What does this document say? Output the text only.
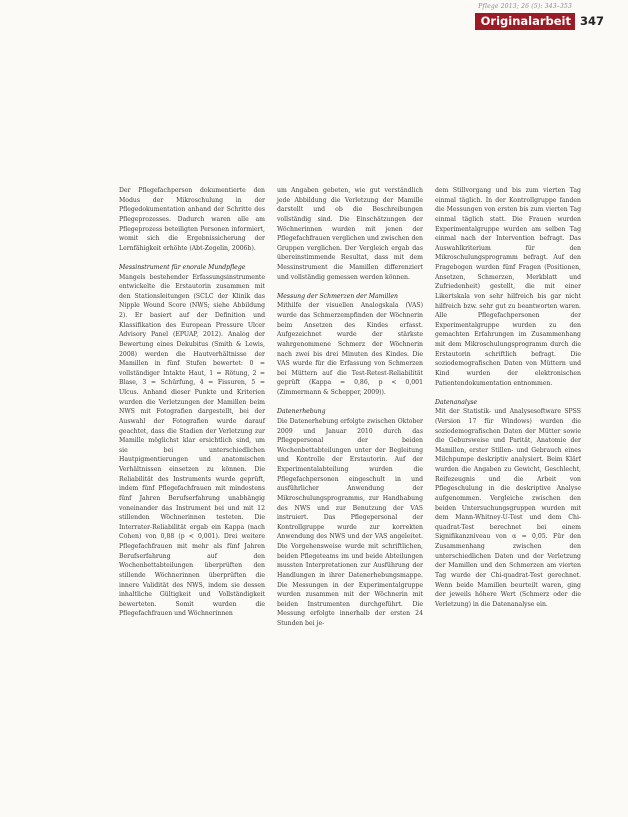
Pflege 2013; 26 (5): 343–353
Originalarbeit 347

Der Pflegefachperson dokumentierte den Modus der Mikroschulung in der Pflegedokumentation anhand der Schritte des Pflegeprozesses. Dadurch waren alle am Pflegeprozess beteiligten Personen informiert, womit sich die Ergebnissicherung der Lernfähigkeit erhöhte (Abt-Zegelin, 2006b).

Messinstrument für enorale Mundpflege

Mangels bestehender Erfassungsinstrumente entwickelte die Erstautorin zusammen mit den Stationsleitungen (SCLC der Klinik das Nipple Wound Score (NWS; siehe Abbildung 2). Er basiert auf der Definition und Klassifikation des European Pressure Ulcer Advisory Panel (EPUAP, 2012). Analog der Bewertung eines Dekubitus (Smith & Lewis, 2008) werden die Hautverhältnisse der Mamillen in fünf Stufen bewertet: 0 = vollständiger Intakte Haut, 1 = Rötung, 2 = Blase, 3 = Schürfung, 4 = Fissuren, 5 = Ulcus. Anhand dieser Punkte und Kriterien wurden die Verletzungen der Mamillen beim NWS mit Fotografien dargestellt, bei der Auswahl der Fotografien wurde darauf geachtet, dass die Stadien der Verletzung zur Mamille möglichst klar ersichtlich sind, um sie bei unterschiedlichen Hautpigmentierungen und anatomischen Verhältnissen einsetzen zu können. Die Reliabilität des Instruments wurde geprüft, indem fünf Pflegefachfrauen mit mindestens fünf Jahren Berufserfahrung unabhängig voneinander das Instrument bei und mit 12 stillenden Wöchnerinnen testeten. Die Interrater-Reliabilität ergab ein Kappa (nach Cohen) von 0,88 (p < 0,001). Drei weitere Pflegefachfrauen mit mehr als fünf Jahren Berufserfahrung auf den Wochenbettabteilungen überprüften den stillende Wöchnerinnen überprüften die innere Validität des NWS, indem sie dessen inhaltliche Gültigkeit und Vollständigkeit bewerteten. Somit wurden die Pflegefachfrauen und Wöchnerinnen

um Angaben gebeten, wie gut verständlich jede Abbildung die Verletzung der Mamille darstellt und ob die Beschreibungen vollständig sind. Die Einschätzungen der Wöchnerinnen wurden mit jenen der Pflegefachfrauen verglichen und zwischen den Gruppen verglichen. Der Vergleich ergab das übereinstimmende Resultat, dass mit dem Messinstrument die Mamillen differenziert und vollständig gemessen werden können.

Messung der Schmerzen der Mamillen

Mithilfe der visuellen Analogskala (VAS) wurde das Schmerzempfinden der Wöchnerin beim Ansetzen des Kindes erfasst. Aufgezeichnet wurde der stärkste wahrgenommene Schmerz der Wöchnerin nach zwei bis drei Minuten des Kindes. Die VAS wurde für die Erfassung von Schmerzen bei Müttern auf die Test-Retest-Reliabilität geprüft (Kappa = 0,86, p < 0,001 (Zimmermann & Schepper, 2009)).

Datenerhebung

Die Datenerhebung erfolgte zwischen Oktober 2009 und Januar 2010 durch das Pflegepersonal der beiden Wochenbettabteilungen unter der Begleitung und Kontrolle der Erstautorin. Auf der Experimentalabteilung wurden die Pflegefachpersonen eingeschult in und ausführlicher Anwendung der Mikroschulungsprogramms, zur Handhabung des NWS und zur Benutzung der VAS instruiert. Das Pflegepersonal der Kontrollgruppe wurde zur korrekten Anwendung des NWS und der VAS angeleitet. Die Vorgehensweise wurde mit schriftlichen, beiden Pflegeteams im und beide Abteilungen mussten Interpretationen zur Ausführung der Handlungen in ihrer Datenerhebungsmappe. Die Messungen in der Experimentalgruppe wurden zusammen mit der Wöchnerin mit beiden Instrumenten durchgeführt. Die Messung erfolgte innerhalb der ersten 24 Stunden bei je-

dem Stillvorgang und bis zum vierten Tag einmal täglich. In der Kontrollgruppe fanden die Messungen von ersten bis zum vierten Tag einmal täglich statt. Die Frauen wurden Experimentalgruppe wurden am selben Tag einmal nach der Intervention befragt. Das Auswahlkriterium für den Mikroschulungsprogramm befragt. Auf den Fragebogen wurden fünf Fragen (Positionen, Ansetzen, Schmerzen, Merkblatt und Zufriedenheit) gestellt, die mit einer Likertskala von sehr hilfreich bis gar nicht hilfreich bzw. sehr gut zu beantworten waren. Alle Pflegefachpersonen der Experimentalgruppe wurden zu den gemachten Erfahrungen im Zusammenhang mit dem Mikroschulungsprogramm durch die Erstautorin schriftlich befragt. Die soziodemografischen Daten von Müttern und Kind wurden der elektronischen Patientendokumentation entnommen.

Datenanalyse

Mit der Statistik- und Analysesoftware SPSS (Version 17 für Windows) wurden die soziodemografischen Daten der Mütter sowie die Gebursweise und Parität, Anatomie der Mamillen, erster Stillen- und Gebrauch eines Milchpumpe deskriptiv analysiert. Beim Klärf wurden die Angaben zu Gewicht, Geschlecht, Reifezeugnis und die Arbeit von Pflegeschulung in die deskriptive Analyse aufgenommen. Vergleiche zwischen den beiden Untersuchungsgruppen wurden mit dem Mann-Whitney-U-Test und dem Chi-quadrat-Test berechnet bei einem Signifikanzniveau von α = 0,05. Für den Zusammenhang zwischen den unterschiedlichen Daten und der Verletzung der Mamillen und den Schmerzen am vierten Tag wurde der Chi-quadrat-Test gerechnet. Wenn beide Mamillen beurteilt waren, ging der jeweils höhere Wert (Schmerz oder die Verletzung) in die Datenanalyse ein.
